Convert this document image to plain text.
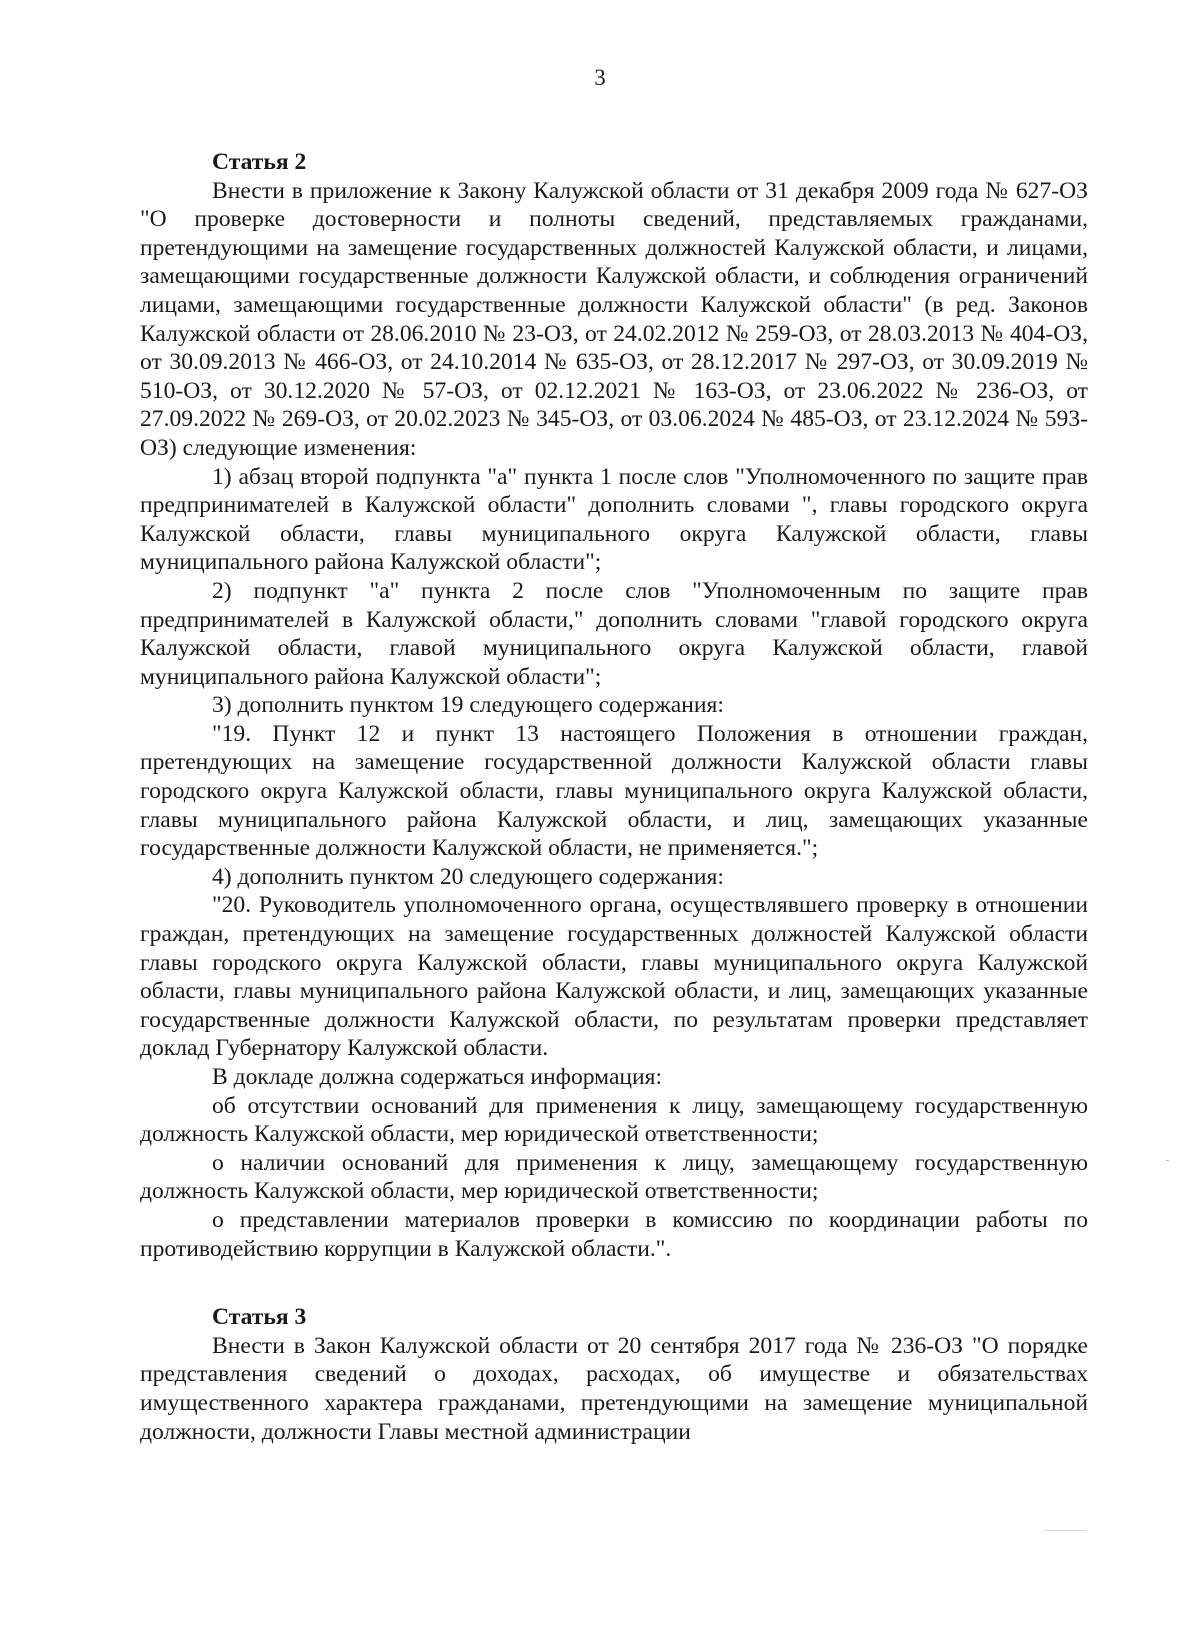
3

Статья 2

Внести в приложение к Закону Калужской области от 31 декабря 2009 года № 627-ОЗ "О проверке достоверности и полноты сведений, представляемых гражданами, претендующими на замещение государственных должностей Калужской области, и лицами, замещающими государственные должности Калужской области, и соблюдения ограничений лицами, замещающими государственные должности Калужской области" (в ред. Законов Калужской области от 28.06.2010 № 23-ОЗ, от 24.02.2012 № 259-ОЗ, от 28.03.2013 № 404-ОЗ, от 30.09.2013 № 466-ОЗ, от 24.10.2014 № 635-ОЗ, от 28.12.2017 № 297-ОЗ, от 30.09.2019 № 510-ОЗ, от 30.12.2020 № 57-ОЗ, от 02.12.2021 № 163-ОЗ, от 23.06.2022 № 236-ОЗ, от 27.09.2022 № 269-ОЗ, от 20.02.2023 № 345-ОЗ, от 03.06.2024 № 485-ОЗ, от 23.12.2024 № 593-ОЗ) следующие изменения:

1) абзац второй подпункта "а" пункта 1 после слов "Уполномоченного по защите прав предпринимателей в Калужской области" дополнить словами ", главы городского округа Калужской области, главы муниципального округа Калужской области, главы муниципального района Калужской области";

2) подпункт "а" пункта 2 после слов "Уполномоченным по защите прав предпринимателей в Калужской области," дополнить словами "главой городского округа Калужской области, главой муниципального округа Калужской области, главой муниципального района Калужской области";

3) дополнить пунктом 19 следующего содержания:

"19. Пункт 12 и пункт 13 настоящего Положения в отношении граждан, претендующих на замещение государственной должности Калужской области главы городского округа Калужской области, главы муниципального округа Калужской области, главы муниципального района Калужской области, и лиц, замещающих указанные государственные должности Калужской области, не применяется.";

4) дополнить пунктом 20 следующего содержания:

"20. Руководитель уполномоченного органа, осуществлявшего проверку в отношении граждан, претендующих на замещение государственных должностей Калужской области главы городского округа Калужской области, главы муниципального округа Калужской области, главы муниципального района Калужской области, и лиц, замещающих указанные государственные должности Калужской области, по результатам проверки представляет доклад Губернатору Калужской области.

В докладе должна содержаться информация:

об отсутствии оснований для применения к лицу, замещающему государственную должность Калужской области, мер юридической ответственности;

о наличии оснований для применения к лицу, замещающему государственную должность Калужской области, мер юридической ответственности;

о представлении материалов проверки в комиссию по координации работы по противодействию коррупции в Калужской области.".

Статья 3

Внести в Закон Калужской области от 20 сентября 2017 года № 236-ОЗ "О порядке представления сведений о доходах, расходах, об имуществе и обязательствах имущественного характера гражданами, претендующими на замещение муниципальной должности, должности Главы местной администрации
